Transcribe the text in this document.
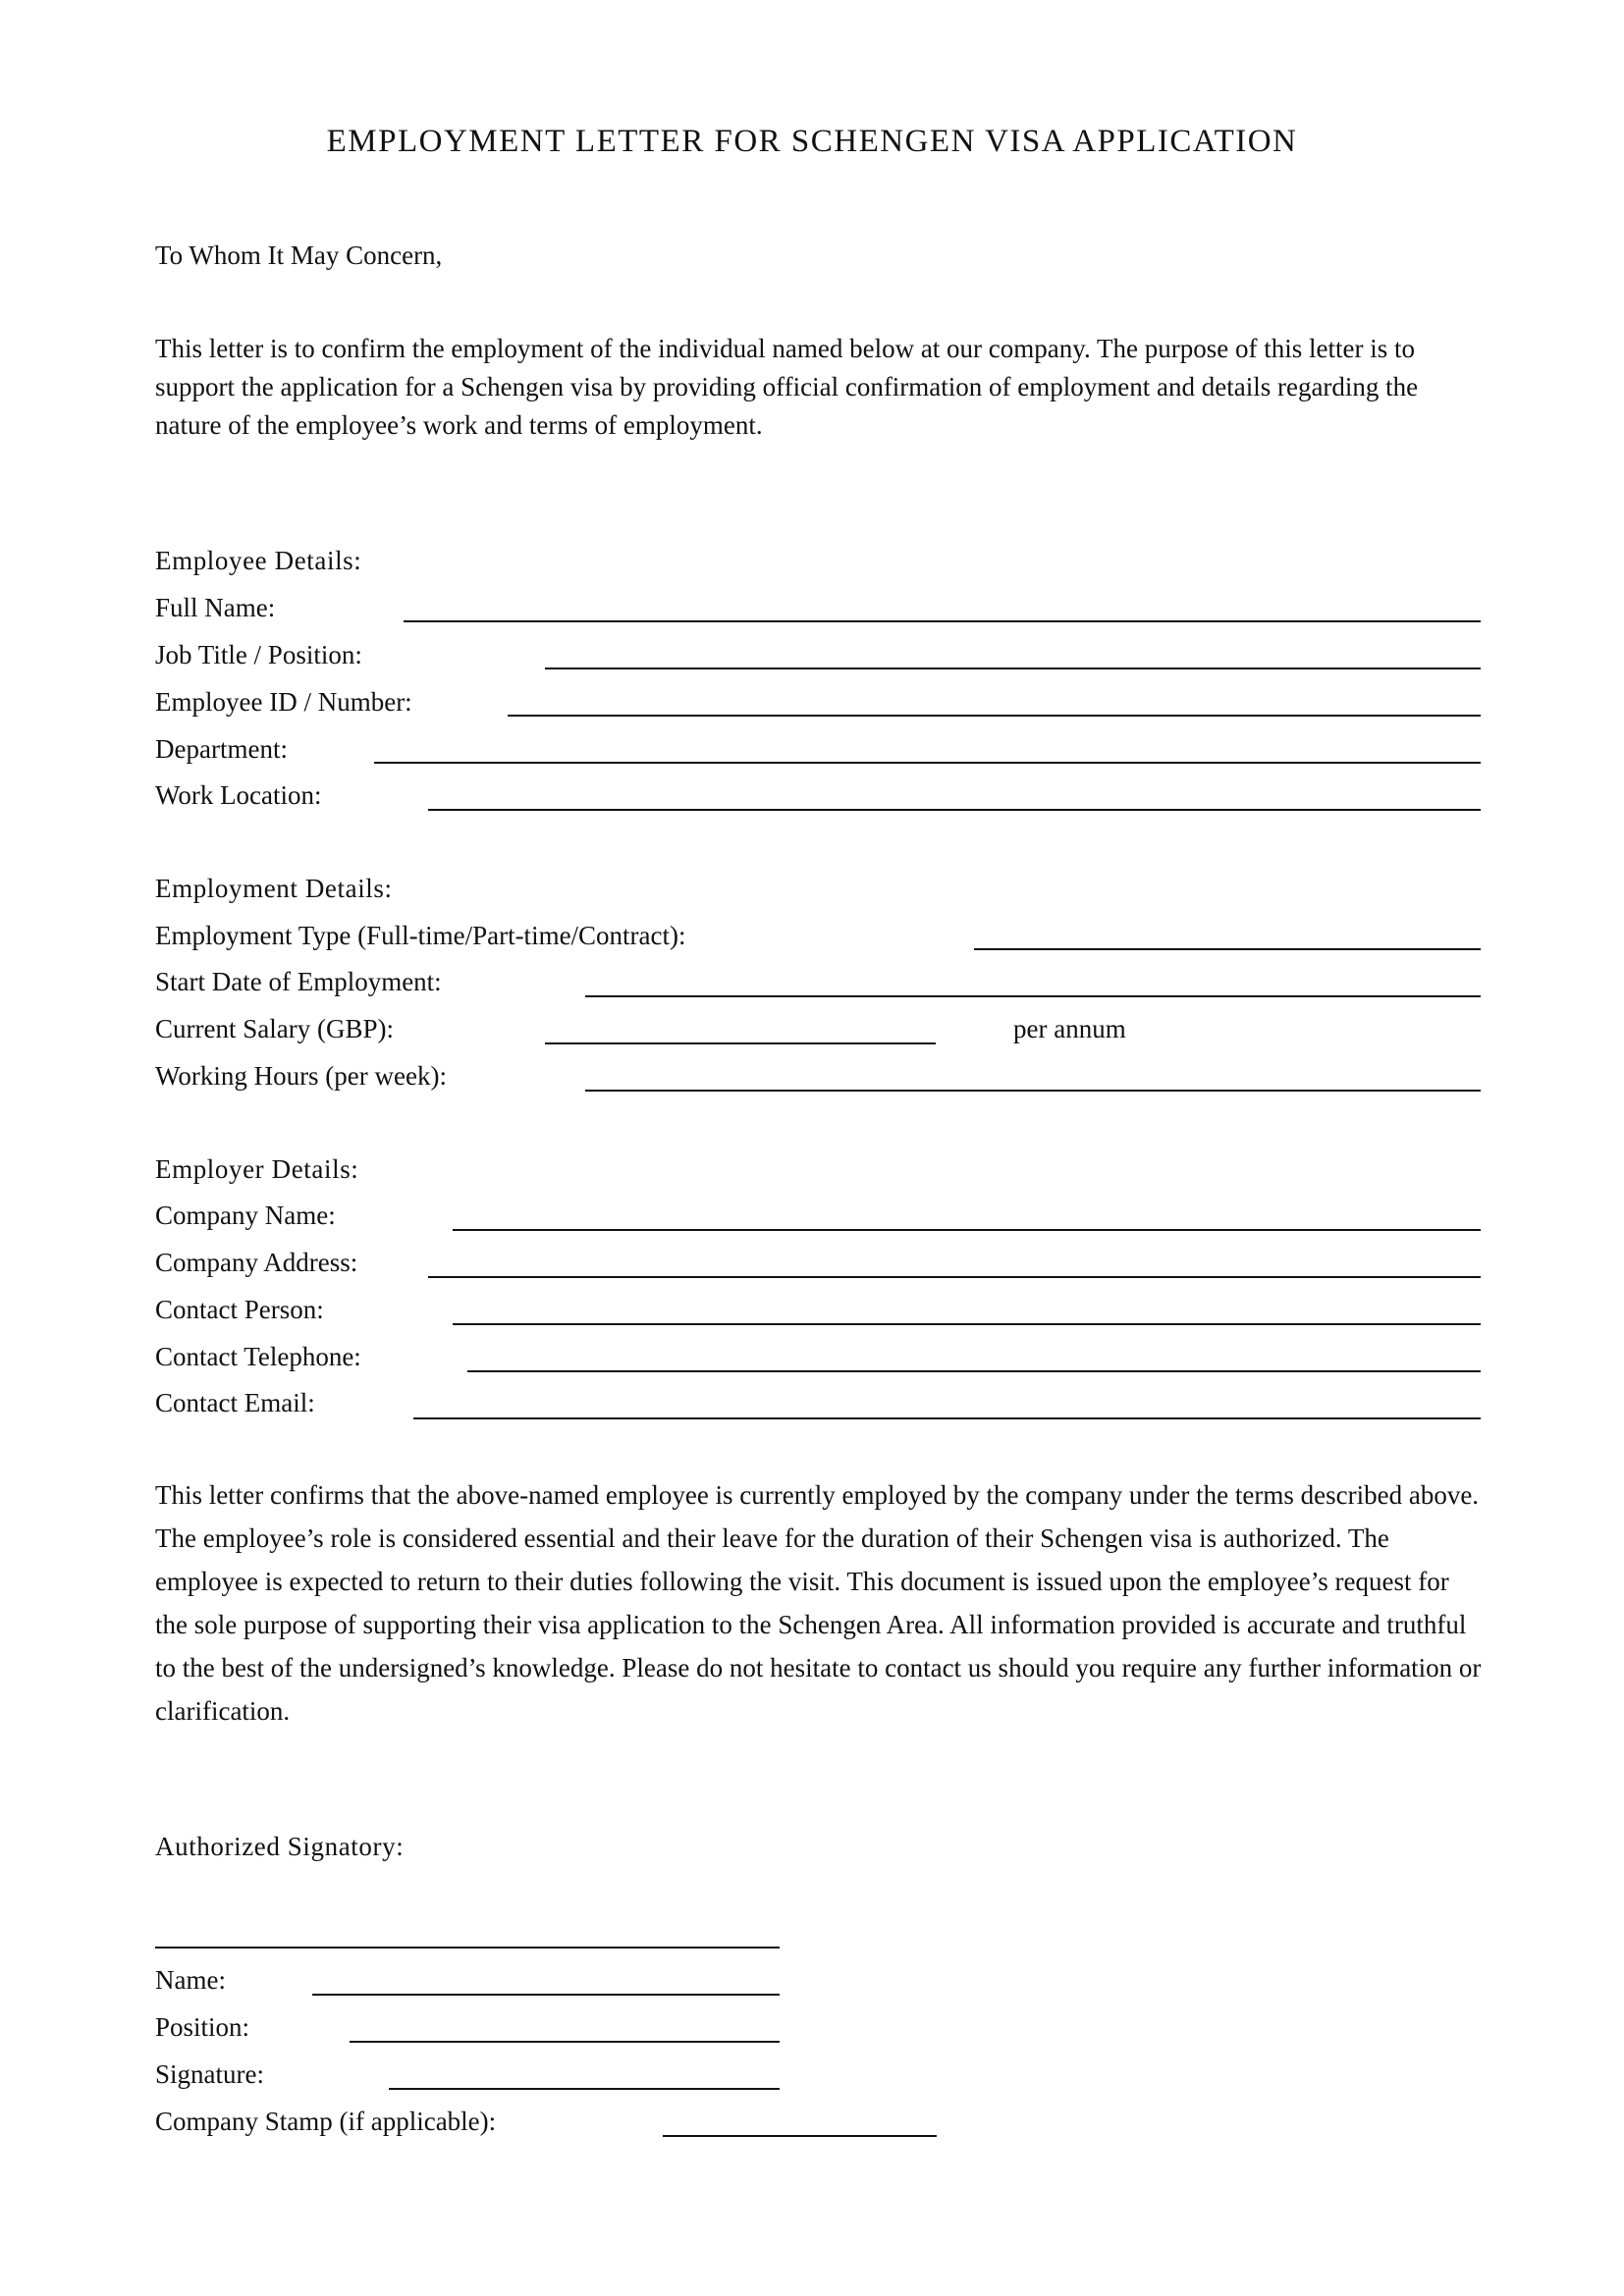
EMPLOYMENT LETTER FOR SCHENGEN VISA APPLICATION
To Whom It May Concern,
This letter is to confirm the employment of the individual named below at our company. The purpose of this letter is to support the application for a Schengen visa by providing official confirmation of employment and details regarding the nature of the employee’s work and terms of employment.
Employee Details:
Full Name:
Job Title / Position:
Employee ID / Number:
Department:
Work Location:
Employment Details:
Employment Type (Full-time/Part-time/Contract):
Start Date of Employment:
Current Salary (GBP):	per annum
Working Hours (per week):
Employer Details:
Company Name:
Company Address:
Contact Person:
Contact Telephone:
Contact Email:
This letter confirms that the above-named employee is currently employed by the company under the terms described above. The employee’s role is considered essential and their leave for the duration of their Schengen visa is authorized. The employee is expected to return to their duties following the visit. This document is issued upon the employee’s request for the sole purpose of supporting their visa application to the Schengen Area. All information provided is accurate and truthful to the best of the undersigned’s knowledge. Please do not hesitate to contact us should you require any further information or clarification.
Authorized Signatory:
Name:
Position:
Signature:
Company Stamp (if applicable):
